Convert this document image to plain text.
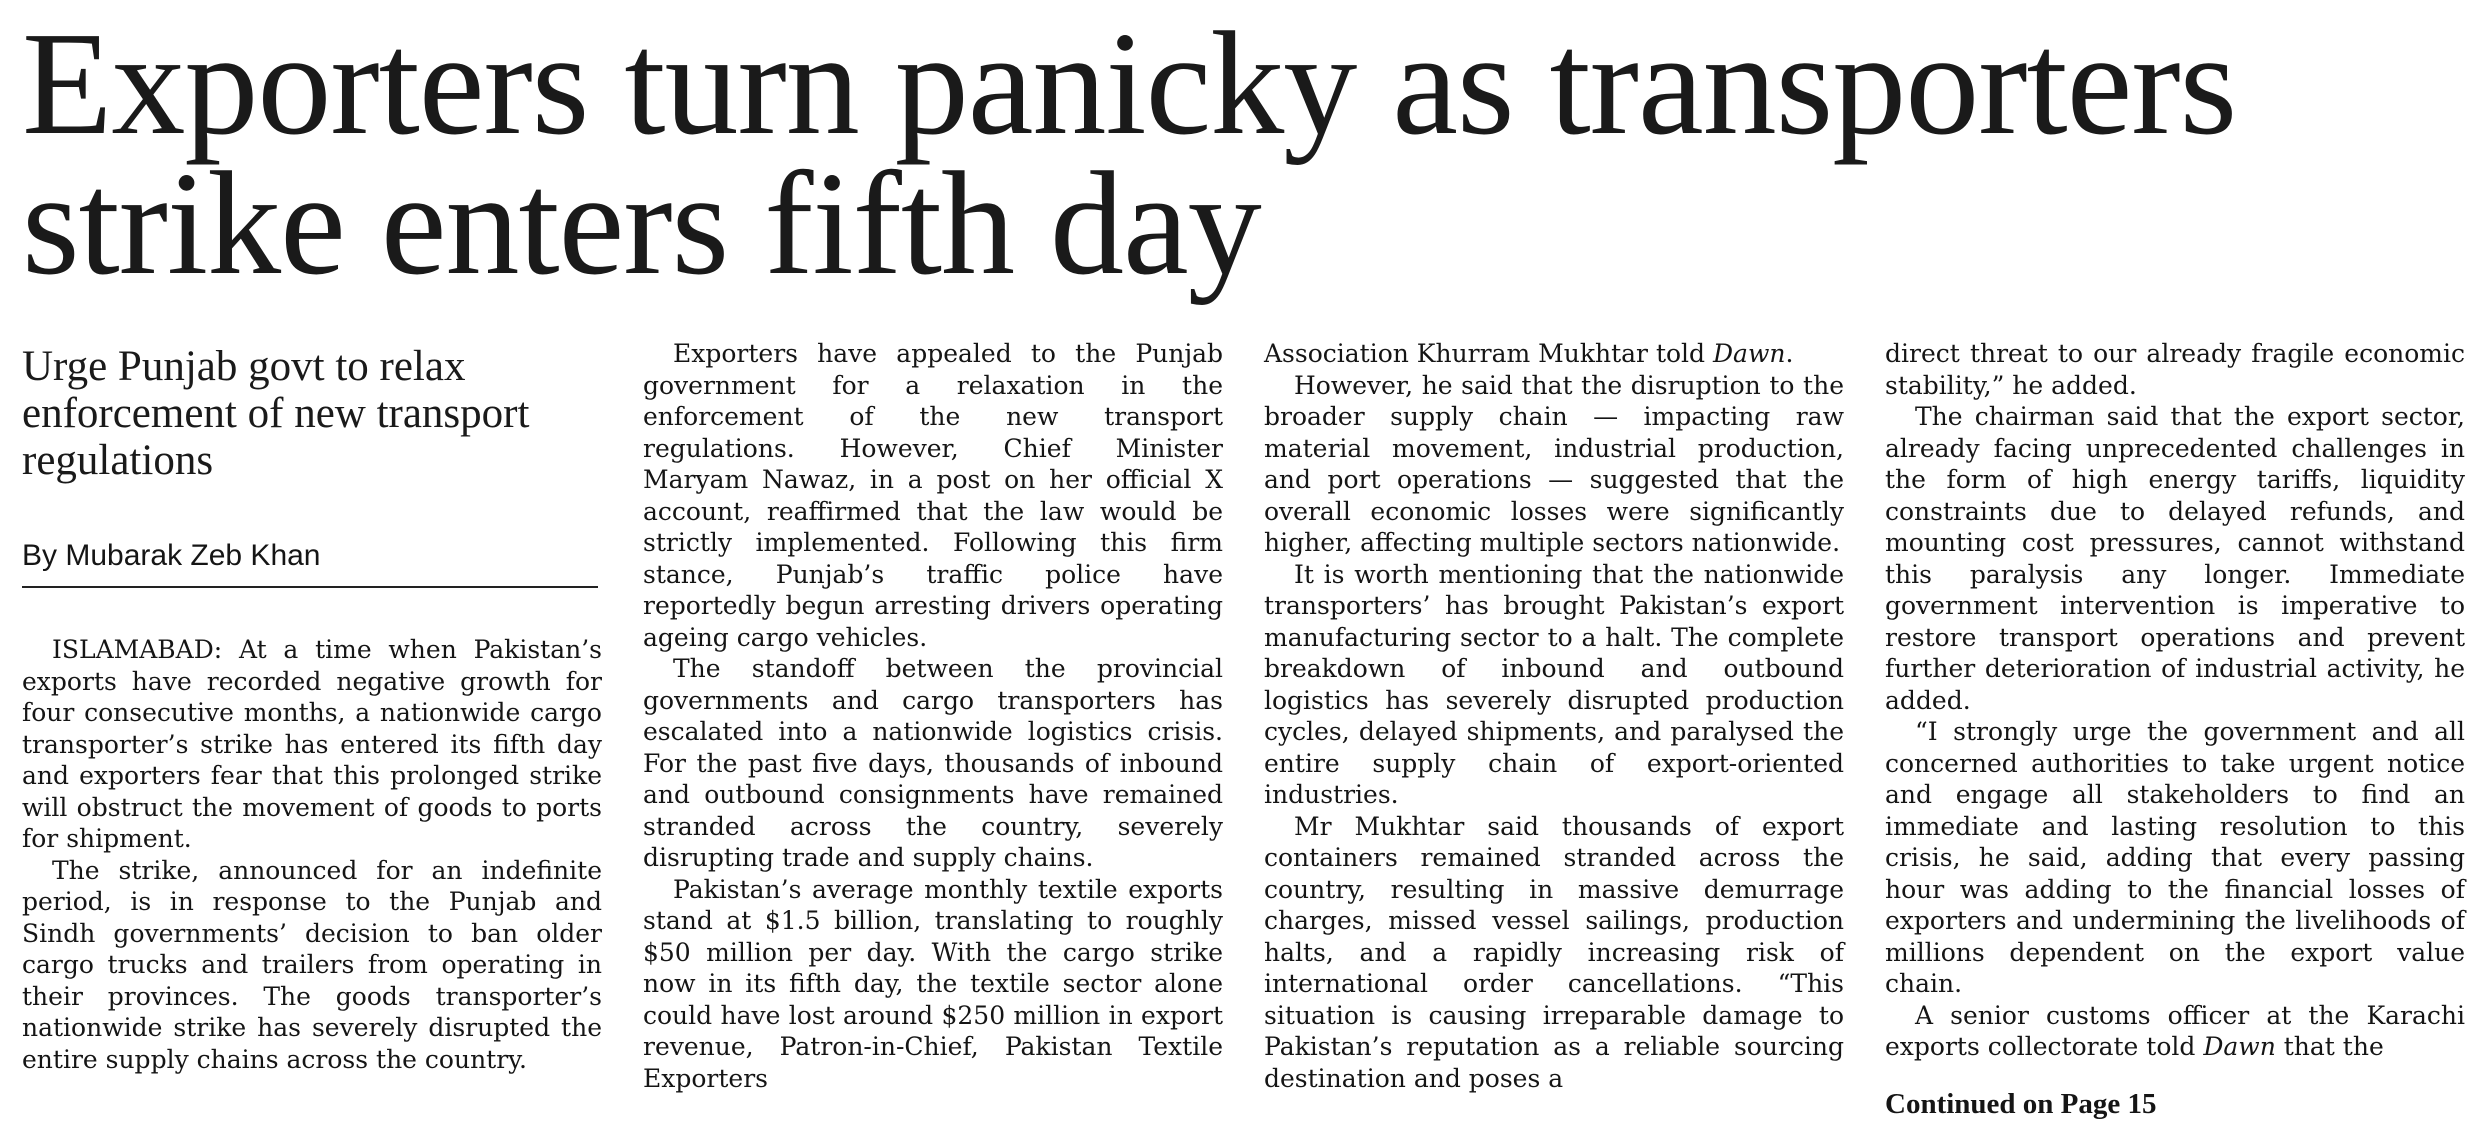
Exporters turn panicky as transporters strike enters fifth day
Urge Punjab govt to relax enforcement of new transport regulations
By Mubarak Zeb Khan

ISLAMABAD: At a time when Pakistan’s exports have recorded negative growth for four consecutive months, a nationwide cargo transporter’s strike has entered its fifth day and exporters fear that this prolonged strike will obstruct the movement of goods to ports for shipment.

The strike, announced for an indefinite period, is in response to the Punjab and Sindh governments’ decision to ban older cargo trucks and trailers from operating in their provinces. The goods transporter’s nationwide strike has severely disrupted the entire supply chains across the country.

Exporters have appealed to the Punjab government for a relaxation in the enforcement of the new transport regulations. However, Chief Minister Maryam Nawaz, in a post on her official X account, reaffirmed that the law would be strictly implemented. Following this firm stance, Punjab’s traffic police have reportedly begun arresting drivers operating ageing cargo vehicles.

The standoff between the provincial governments and cargo transporters has escalated into a nationwide logistics crisis. For the past five days, thousands of inbound and outbound consignments have remained stranded across the country, severely disrupting trade and supply chains.

Pakistan’s average monthly textile exports stand at $1.5 billion, translating to roughly $50 million per day. With the cargo strike now in its fifth day, the textile sector alone could have lost around $250 million in export revenue, Patron-in-Chief, Pakistan Textile Exporters

Association Khurram Mukhtar told Dawn.

However, he said that the disruption to the broader supply chain — impacting raw material movement, industrial production, and port operations — suggested that the overall economic losses were significantly higher, affecting multiple sectors nationwide.

It is worth mentioning that the nationwide transporters’ has brought Pakistan’s export manufacturing sector to a halt. The complete breakdown of inbound and outbound logistics has severely disrupted production cycles, delayed shipments, and paralysed the entire supply chain of export-oriented industries.

Mr Mukhtar said thousands of export containers remained stranded across the country, resulting in massive demurrage charges, missed vessel sailings, production halts, and a rapidly increasing risk of international order cancellations. “This situation is causing irreparable damage to Pakistan’s reputation as a reliable sourcing destination and poses a

direct threat to our already fragile economic stability,” he added.

The chairman said that the export sector, already facing unprecedented challenges in the form of high energy tariffs, liquidity constraints due to delayed refunds, and mounting cost pressures, cannot withstand this paralysis any longer. Immediate government intervention is imperative to restore transport operations and prevent further deterioration of industrial activity, he added.

“I strongly urge the government and all concerned authorities to take urgent notice and engage all stakeholders to find an immediate and lasting resolution to this crisis, he said, adding that every passing hour was adding to the financial losses of exporters and undermining the livelihoods of millions dependent on the export value chain.

A senior customs officer at the Karachi exports collectorate told Dawn that the

Continued on Page 15
